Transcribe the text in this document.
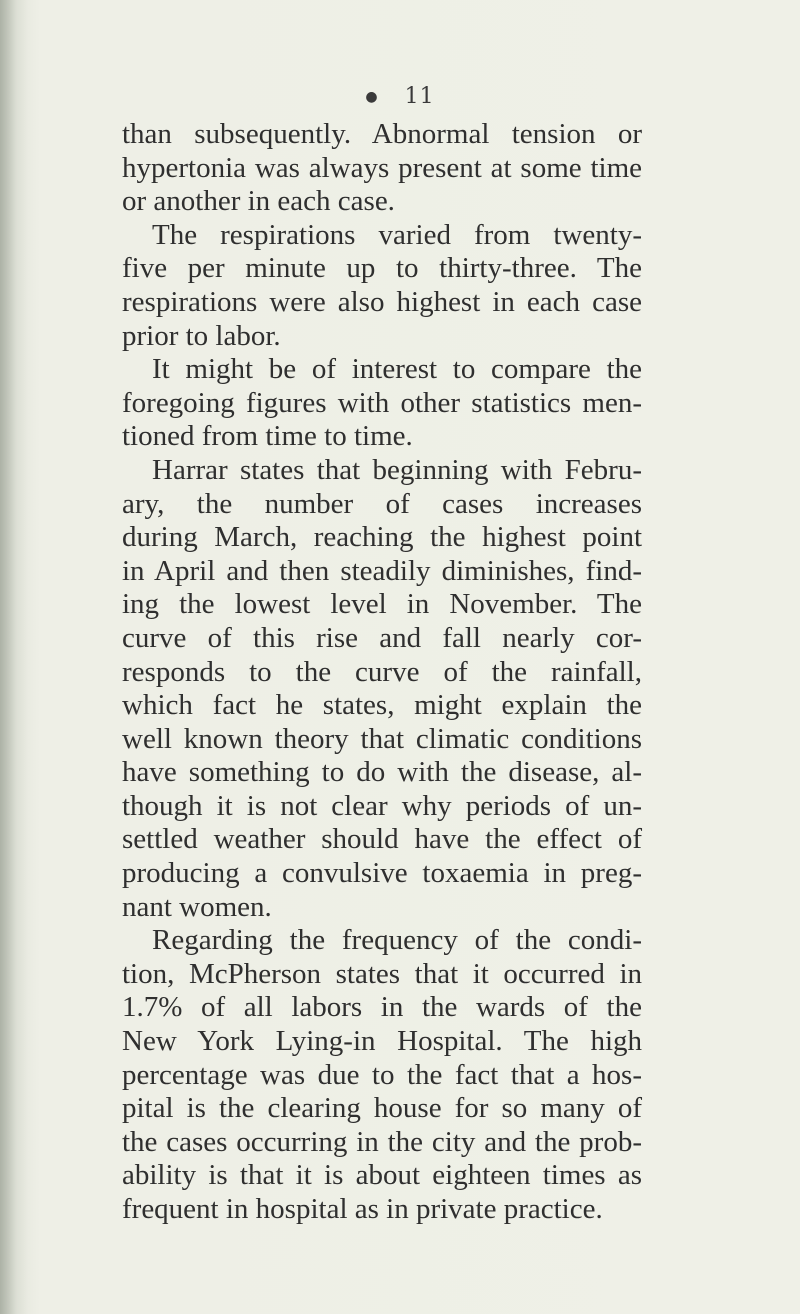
● 11
than subsequently. Abnormal tension or
hypertonia was always present at some time
or another in each case.
The respirations varied from twenty-
five per minute up to thirty-three. The
respirations were also highest in each case
prior to labor.
It might be of interest to compare the
foregoing figures with other statistics men-
tioned from time to time.
Harrar states that beginning with Febru-
ary, the number of cases increases
during March, reaching the highest point
in April and then steadily diminishes, find-
ing the lowest level in November. The
curve of this rise and fall nearly cor-
responds to the curve of the rainfall,
which fact he states, might explain the
well known theory that climatic conditions
have something to do with the disease, al-
though it is not clear why periods of un-
settled weather should have the effect of
producing a convulsive toxaemia in preg-
nant women.
Regarding the frequency of the condi-
tion, McPherson states that it occurred in
1.7% of all labors in the wards of the
New York Lying-in Hospital. The high
percentage was due to the fact that a hos-
pital is the clearing house for so many of
the cases occurring in the city and the prob-
ability is that it is about eighteen times as
frequent in hospital as in private practice.
